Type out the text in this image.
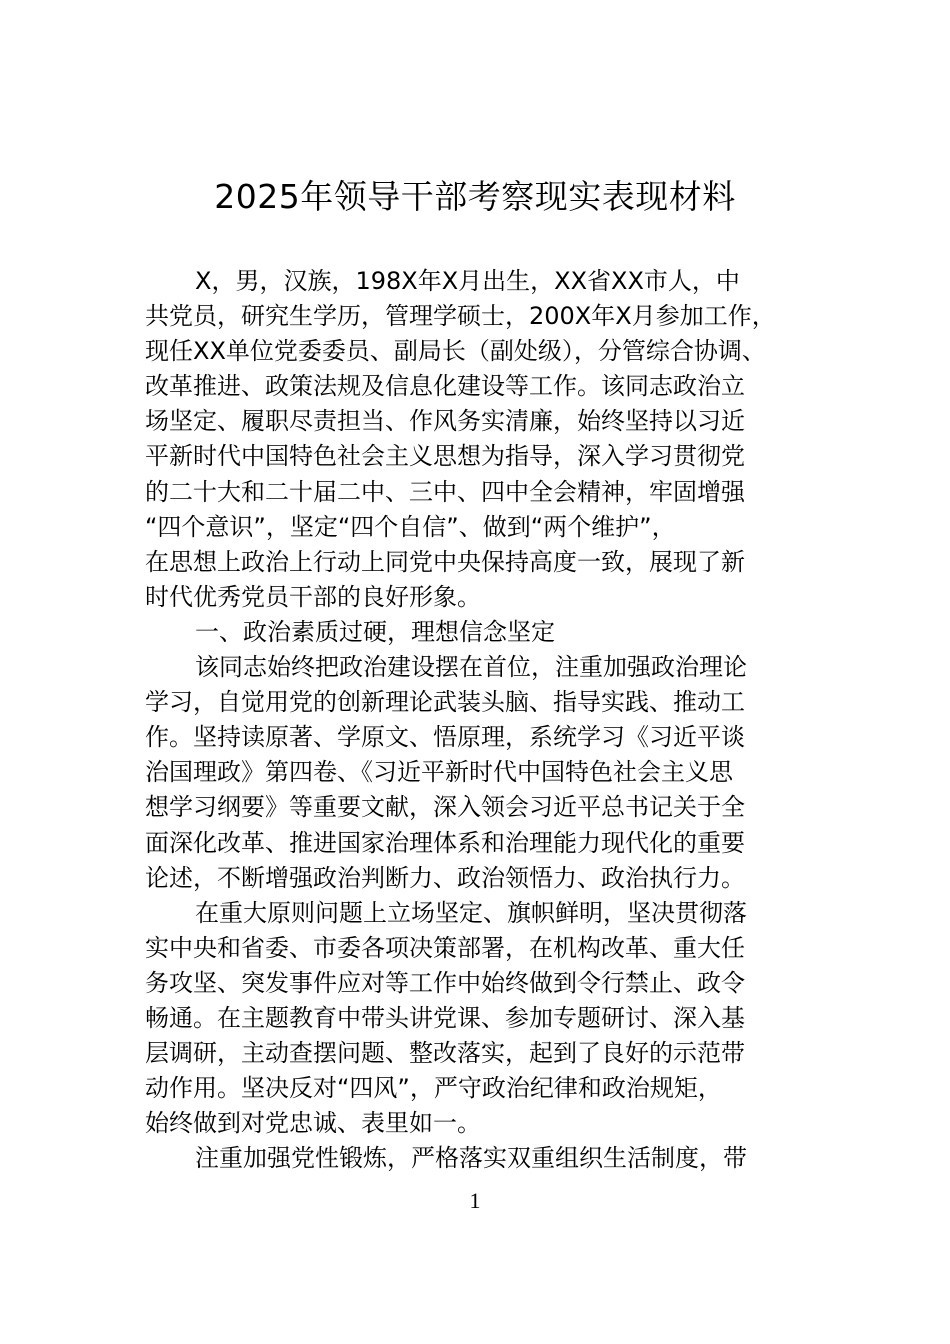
2025年领导干部考察现实表现材料
X，男，汉族，198X年X月出生，XX省XX市人，中
共党员，研究生学历，管理学硕士，200X年X月参加工作，
现任XX单位党委委员、副局长（副处级），分管综合协调、
改革推进、政策法规及信息化建设等工作。该同志政治立
场坚定、履职尽责担当、作风务实清廉，始终坚持以习近
平新时代中国特色社会主义思想为指导，深入学习贯彻党
的二十大和二十届二中、三中、四中全会精神，牢固增强
“四个意识”，坚定“四个自信”、做到“两个维护”，
在思想上政治上行动上同党中央保持高度一致，展现了新
时代优秀党员干部的良好形象。
一、政治素质过硬，理想信念坚定
该同志始终把政治建设摆在首位，注重加强政治理论
学习，自觉用党的创新理论武装头脑、指导实践、推动工
作。坚持读原著、学原文、悟原理，系统学习《习近平谈
治国理政》第四卷、《习近平新时代中国特色社会主义思
想学习纲要》等重要文献，深入领会习近平总书记关于全
面深化改革、推进国家治理体系和治理能力现代化的重要
论述，不断增强政治判断力、政治领悟力、政治执行力。
在重大原则问题上立场坚定、旗帜鲜明，坚决贯彻落
实中央和省委、市委各项决策部署，在机构改革、重大任
务攻坚、突发事件应对等工作中始终做到令行禁止、政令
畅通。在主题教育中带头讲党课、参加专题研讨、深入基
层调研，主动查摆问题、整改落实，起到了良好的示范带
动作用。坚决反对“四风”，严守政治纪律和政治规矩，
始终做到对党忠诚、表里如一。
注重加强党性锻炼，严格落实双重组织生活制度，带
1
